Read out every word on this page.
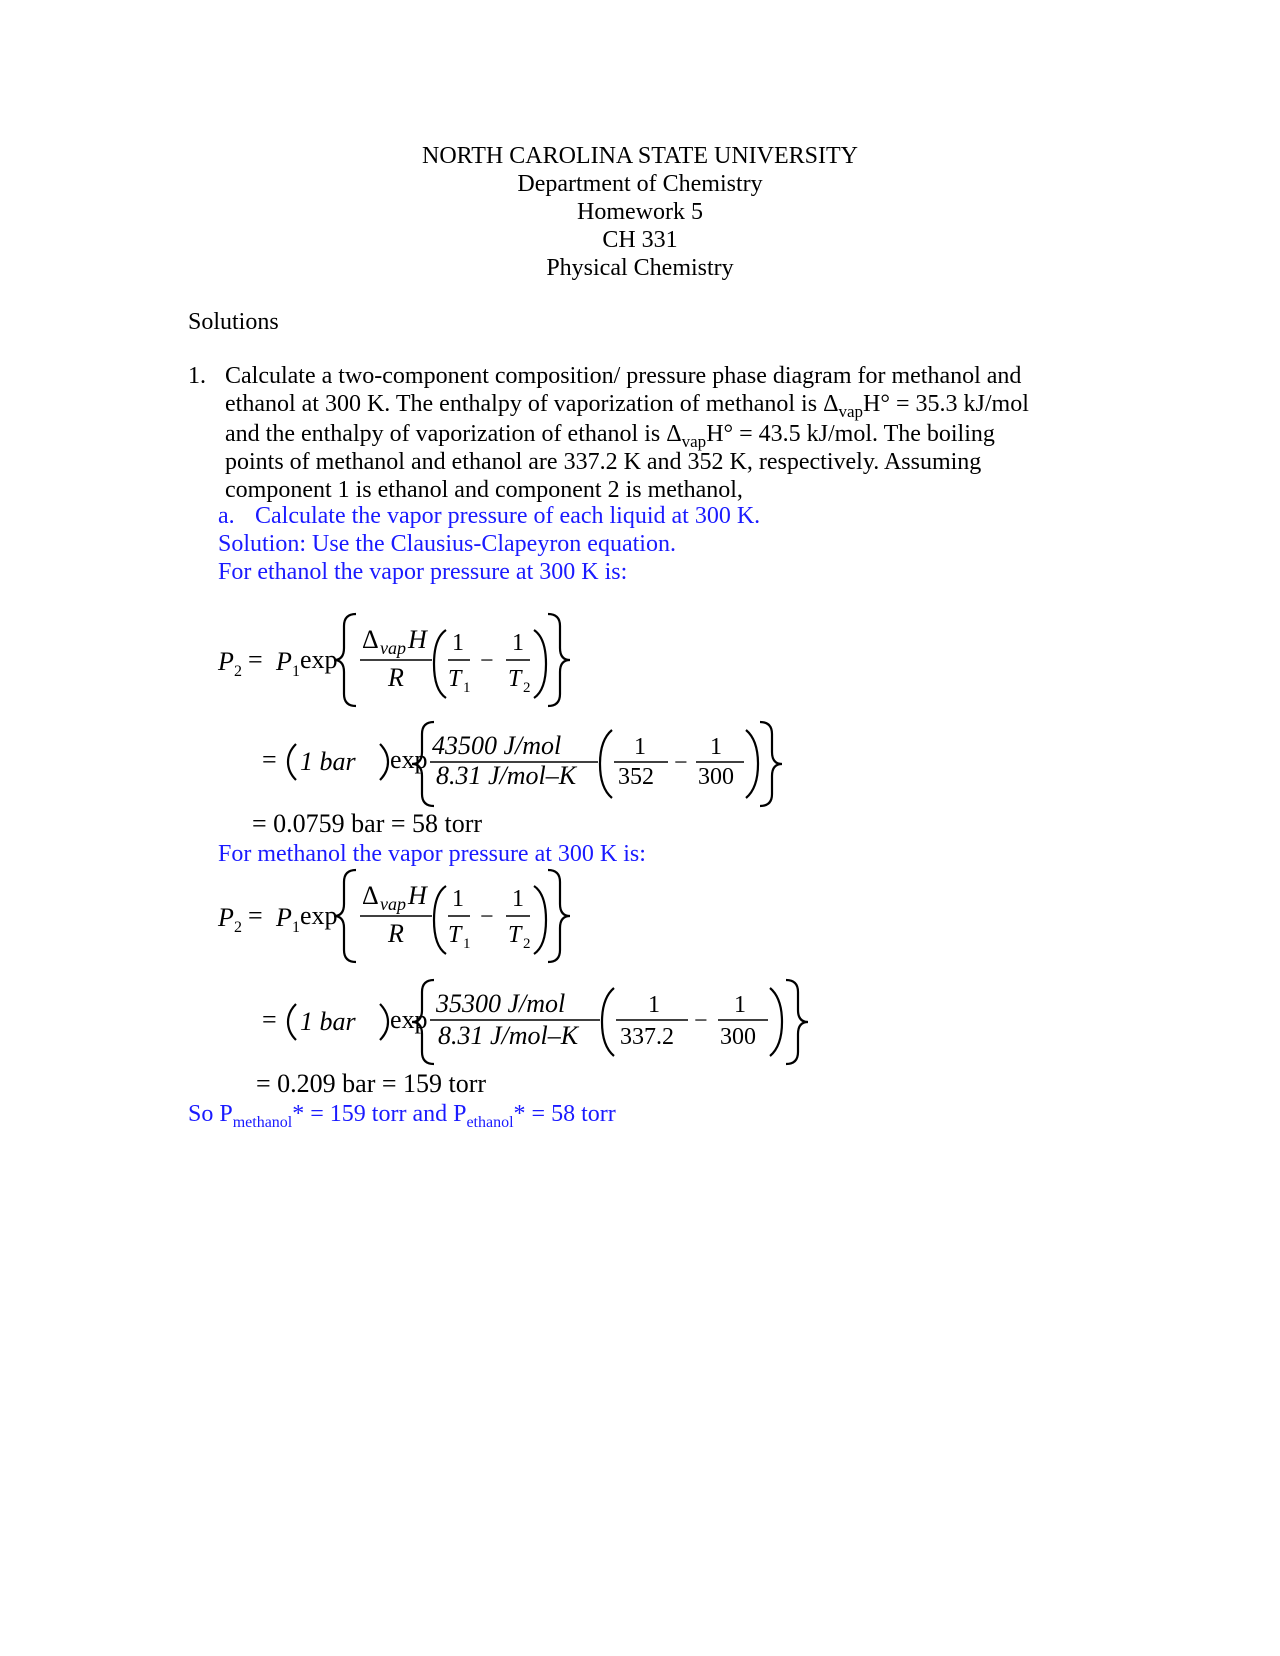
NORTH CAROLINA STATE UNIVERSITY
Department of Chemistry
Homework 5
CH 331
Physical Chemistry
Solutions
1. Calculate a two-component composition/ pressure phase diagram for methanol and
ethanol at 300 K. The enthalpy of vaporization of methanol is $\Delta_{vap}H^\circ = 35.3$ kJ/mol
and the enthalpy of vaporization of ethanol is $\Delta_{vap}H^\circ = 43.5$ kJ/mol. The boiling
points of methanol and ethanol are 337.2 K and 352 K, respectively. Assuming
component 1 is ethanol and component 2 is methanol,
a. Calculate the vapor pressure of each liquid at 300 K.
Solution: Use the Clausius-Clapeyron equation.
For ethanol the vapor pressure at 300 K is:
For methanol the vapor pressure at 300 K is:
So $P_{methanol}* = 159$ torr and $P_{ethanol}* = 58$ torr
P 2 = P 1 exp
Δ vap H
R
1
T 1
−
1
T 2
= 1 bar exp 43500 J/mol
8.31 J/mol–K
1
352
−
1
300
= 0.0759 bar = 58 torr
P 2 = P 1 exp
Δ vap H
R
1
T 1
−
1
T 2
= 1 bar exp
35300 J/mol
8.31 J/mol–K
1
337.2
−
1
300
= 0.209 bar = 159 torr
